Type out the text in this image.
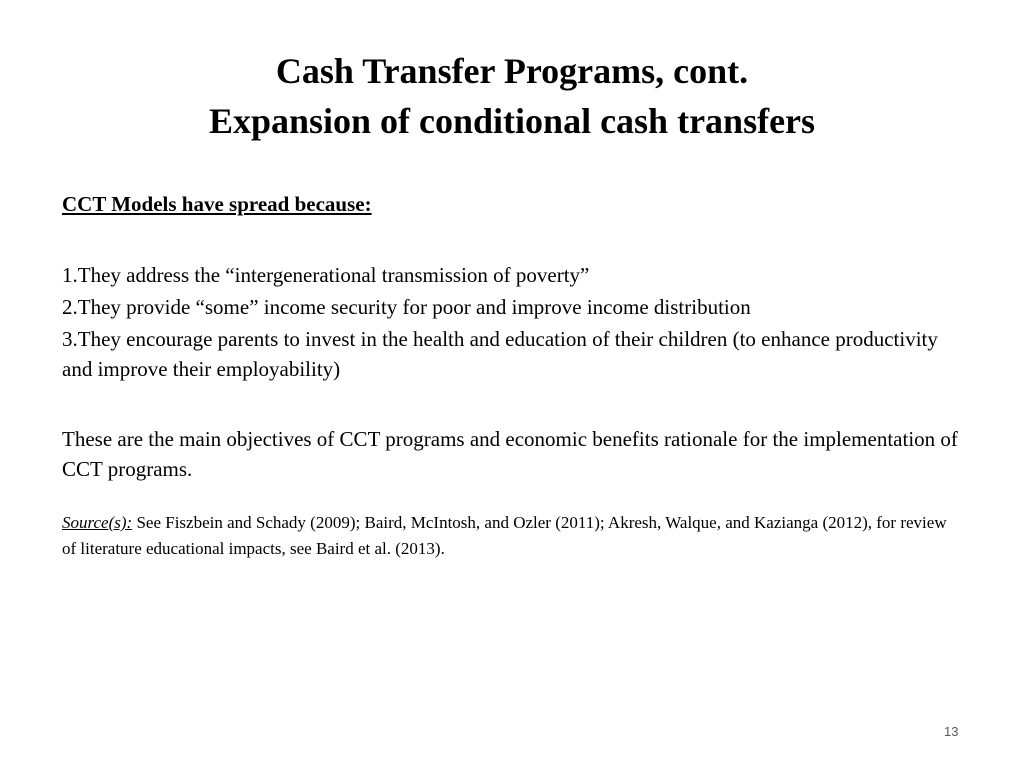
Cash Transfer Programs, cont.
Expansion of conditional cash transfers
CCT Models have spread because:
1.They address the “intergenerational transmission of poverty”
2.They provide “some” income security for poor and improve income distribution
3.They encourage parents to invest in the health and education of their children (to enhance productivity and improve their employability)
These are the main objectives of CCT programs and economic benefits rationale for the implementation of CCT programs.
Source(s): See Fiszbein and Schady (2009); Baird, McIntosh, and Ozler (2011); Akresh, Walque, and Kazianga (2012), for review of literature educational impacts, see Baird et al. (2013).
13
